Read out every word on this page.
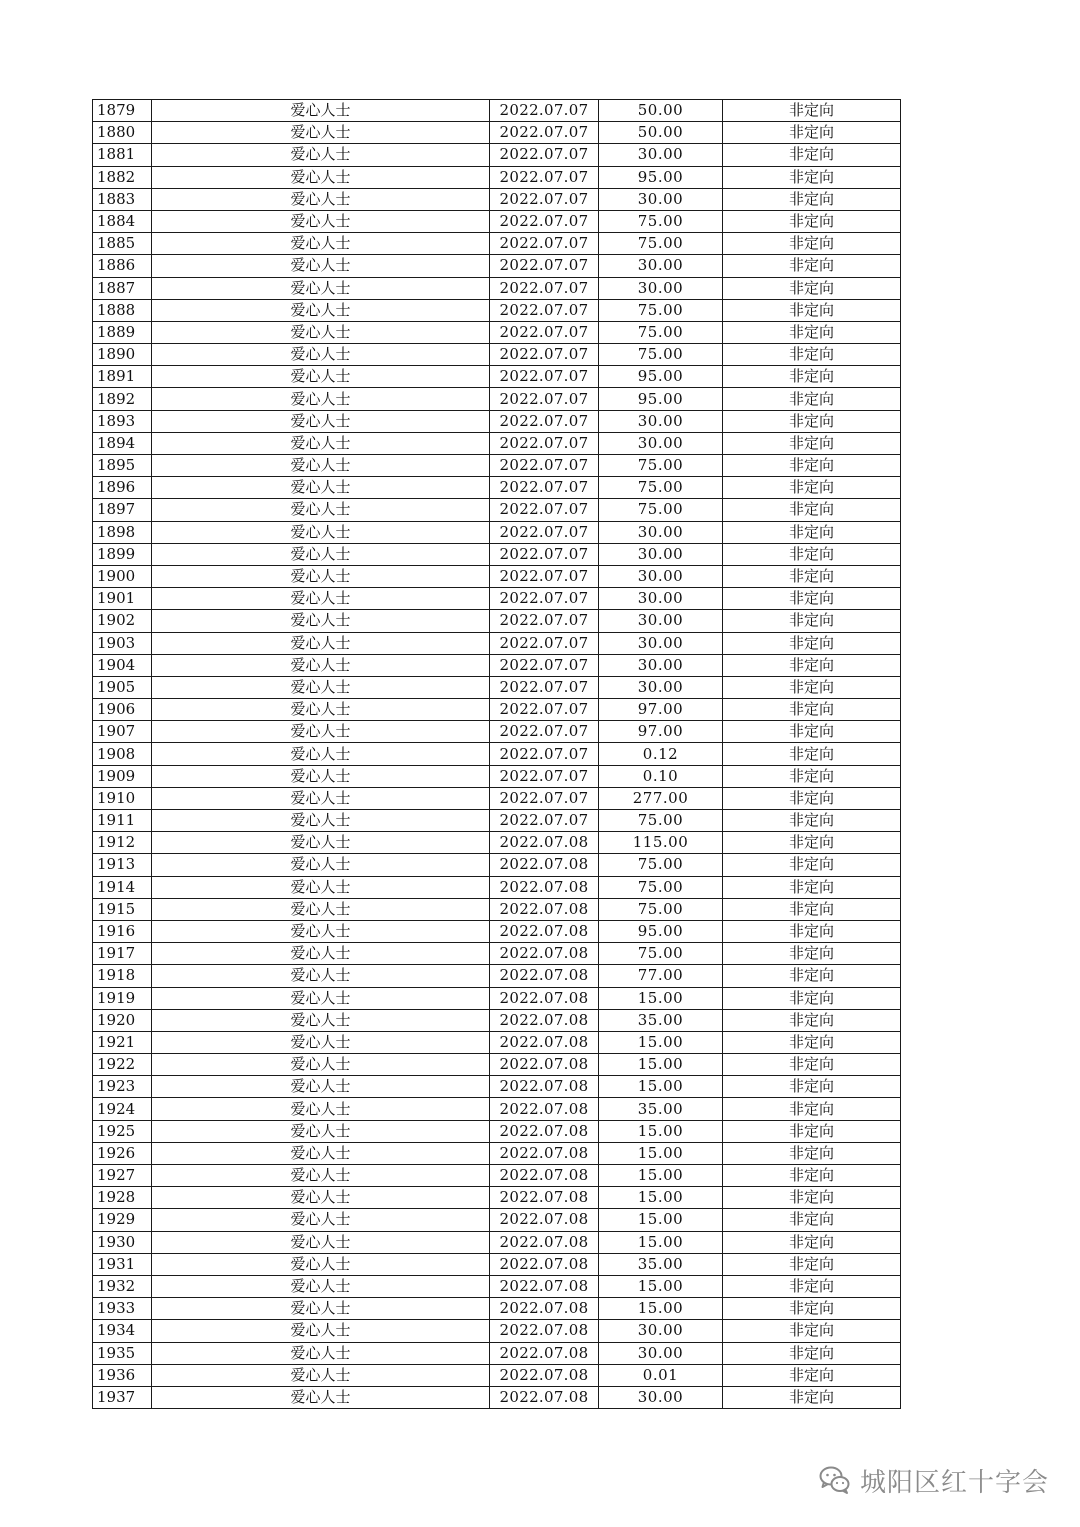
1879	爱心人士	2022.07.07	50.00	非定向
1880	爱心人士	2022.07.07	50.00	非定向
1881	爱心人士	2022.07.07	30.00	非定向
1882	爱心人士	2022.07.07	95.00	非定向
1883	爱心人士	2022.07.07	30.00	非定向
1884	爱心人士	2022.07.07	75.00	非定向
1885	爱心人士	2022.07.07	75.00	非定向
1886	爱心人士	2022.07.07	30.00	非定向
1887	爱心人士	2022.07.07	30.00	非定向
1888	爱心人士	2022.07.07	75.00	非定向
1889	爱心人士	2022.07.07	75.00	非定向
1890	爱心人士	2022.07.07	75.00	非定向
1891	爱心人士	2022.07.07	95.00	非定向
1892	爱心人士	2022.07.07	95.00	非定向
1893	爱心人士	2022.07.07	30.00	非定向
1894	爱心人士	2022.07.07	30.00	非定向
1895	爱心人士	2022.07.07	75.00	非定向
1896	爱心人士	2022.07.07	75.00	非定向
1897	爱心人士	2022.07.07	75.00	非定向
1898	爱心人士	2022.07.07	30.00	非定向
1899	爱心人士	2022.07.07	30.00	非定向
1900	爱心人士	2022.07.07	30.00	非定向
1901	爱心人士	2022.07.07	30.00	非定向
1902	爱心人士	2022.07.07	30.00	非定向
1903	爱心人士	2022.07.07	30.00	非定向
1904	爱心人士	2022.07.07	30.00	非定向
1905	爱心人士	2022.07.07	30.00	非定向
1906	爱心人士	2022.07.07	97.00	非定向
1907	爱心人士	2022.07.07	97.00	非定向
1908	爱心人士	2022.07.07	0.12	非定向
1909	爱心人士	2022.07.07	0.10	非定向
1910	爱心人士	2022.07.07	277.00	非定向
1911	爱心人士	2022.07.07	75.00	非定向
1912	爱心人士	2022.07.08	115.00	非定向
1913	爱心人士	2022.07.08	75.00	非定向
1914	爱心人士	2022.07.08	75.00	非定向
1915	爱心人士	2022.07.08	75.00	非定向
1916	爱心人士	2022.07.08	95.00	非定向
1917	爱心人士	2022.07.08	75.00	非定向
1918	爱心人士	2022.07.08	77.00	非定向
1919	爱心人士	2022.07.08	15.00	非定向
1920	爱心人士	2022.07.08	35.00	非定向
1921	爱心人士	2022.07.08	15.00	非定向
1922	爱心人士	2022.07.08	15.00	非定向
1923	爱心人士	2022.07.08	15.00	非定向
1924	爱心人士	2022.07.08	35.00	非定向
1925	爱心人士	2022.07.08	15.00	非定向
1926	爱心人士	2022.07.08	15.00	非定向
1927	爱心人士	2022.07.08	15.00	非定向
1928	爱心人士	2022.07.08	15.00	非定向
1929	爱心人士	2022.07.08	15.00	非定向
1930	爱心人士	2022.07.08	15.00	非定向
1931	爱心人士	2022.07.08	35.00	非定向
1932	爱心人士	2022.07.08	15.00	非定向
1933	爱心人士	2022.07.08	15.00	非定向
1934	爱心人士	2022.07.08	30.00	非定向
1935	爱心人士	2022.07.08	30.00	非定向
1936	爱心人士	2022.07.08	0.01	非定向
1937	爱心人士	2022.07.08	30.00	非定向
城阳区红十字会
